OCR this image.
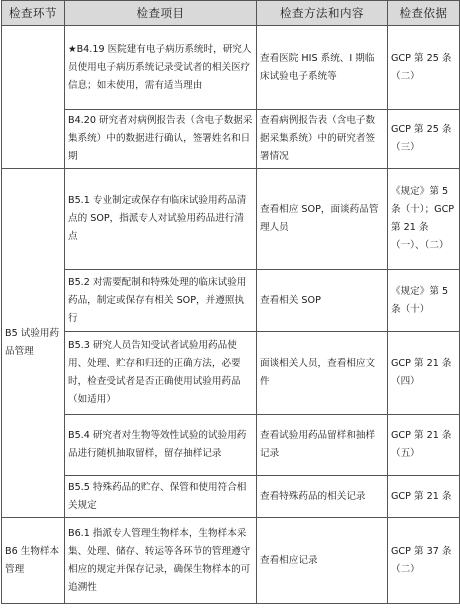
检查环节	检查项目	检查方法和内容	检查依据
	★B4.19 医院建有电子病历系统时，研究人员使用电子病历系统记录受试者的相关医疗信息；如未使用，需有适当理由	查看医院 HIS 系统、I 期临床试验电子系统等	GCP 第 25 条（二）
	B4.20 研究者对病例报告表（含电子数据采集系统）中的数据进行确认，签署姓名和日期	查看病例报告表（含电子数据采集系统）中的研究者签署情况	GCP 第 25 条（三）
B5 试验用药品管理	B5.1 专业制定或保存有临床试验用药品清点的 SOP，指派专人对试验用药品进行清点	查看相应 SOP，面谈药品管理人员	《规定》第 5 条（十）；GCP 第 21 条（一）、（二）
	B5.2 对需要配制和特殊处理的临床试验用药品，制定或保存有相关 SOP，并遵照执行	查看相关 SOP	《规定》第 5 条（十）
	B5.3 研究人员告知受试者试验用药品使用、处理、贮存和归还的正确方法，必要时，检查受试者是否正确使用试验用药品（如适用）	面谈相关人员，查看相应文件	GCP 第 21 条（四）
	B5.4 研究者对生物等效性试验的试验用药品进行随机抽取留样，留存抽样记录	查看试验用药品留样和抽样记录	GCP 第 21 条（五）
	B5.5 特殊药品的贮存、保管和使用符合相关规定	查看特殊药品的相关记录	GCP 第 21 条
B6 生物样本管理	B6.1 指派专人管理生物样本，生物样本采集、处理、储存、转运等各环节的管理遵守相应的规定并保存记录，确保生物样本的可追溯性	查看相应记录	GCP 第 37 条（二）
